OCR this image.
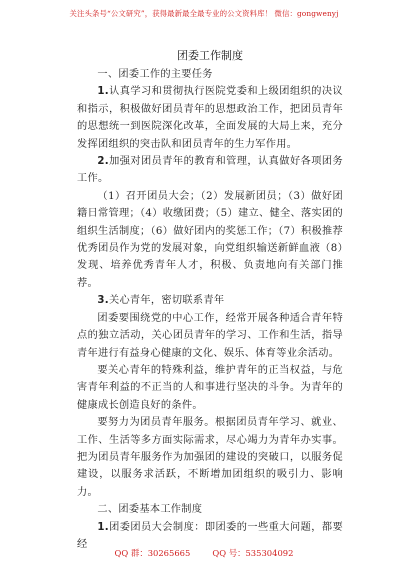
关注头条号“公文研究”，获得最新最全最专业的公文资料库！ 微信：gongwenyj
团委工作制度

一、团委工作的主要任务

1.认真学习和贯彻执行医院党委和上级团组织的决议和指示，积极做好团员青年的思想政治工作，把团员青年的思想统一到医院深化改革，全面发展的大局上来，充分发挥团组织的突击队和团员青年的生力军作用。

2.加强对团员青年的教育和管理，认真做好各项团务工作。

（1）召开团员大会；（2）发展新团员；（3）做好团籍日常管理；（4）收缴团费；（5）建立、健全、落实团的组织生活制度；（6）做好团内的奖惩工作；（7）积极推荐优秀团员作为党的发展对象，向党组织输送新鲜血液（8）发现、培养优秀青年人才，积极、负责地向有关部门推荐。

3.关心青年，密切联系青年

团委要围绕党的中心工作，经常开展各种适合青年特点的独立活动，关心团员青年的学习、工作和生活，指导青年进行有益身心健康的文化、娱乐、体育等业余活动。

要关心青年的特殊利益，维护青年的正当权益，与危害青年利益的不正当的人和事进行坚决的斗争。为青年的健康成长创造良好的条件。

要努力为团员青年服务。根据团员青年学习、就业、工作、生活等多方面实际需求，尽心竭力为青年办实事。把为团员青年服务作为加强团的建设的突破口，以服务促建设，以服务求活跃，不断增加团组织的吸引力、影响力。

二、团委基本工作制度

1.团委团员大会制度：即团委的一些重大问题，都要经

QQ 群：30265665	QQ 号：535304092
